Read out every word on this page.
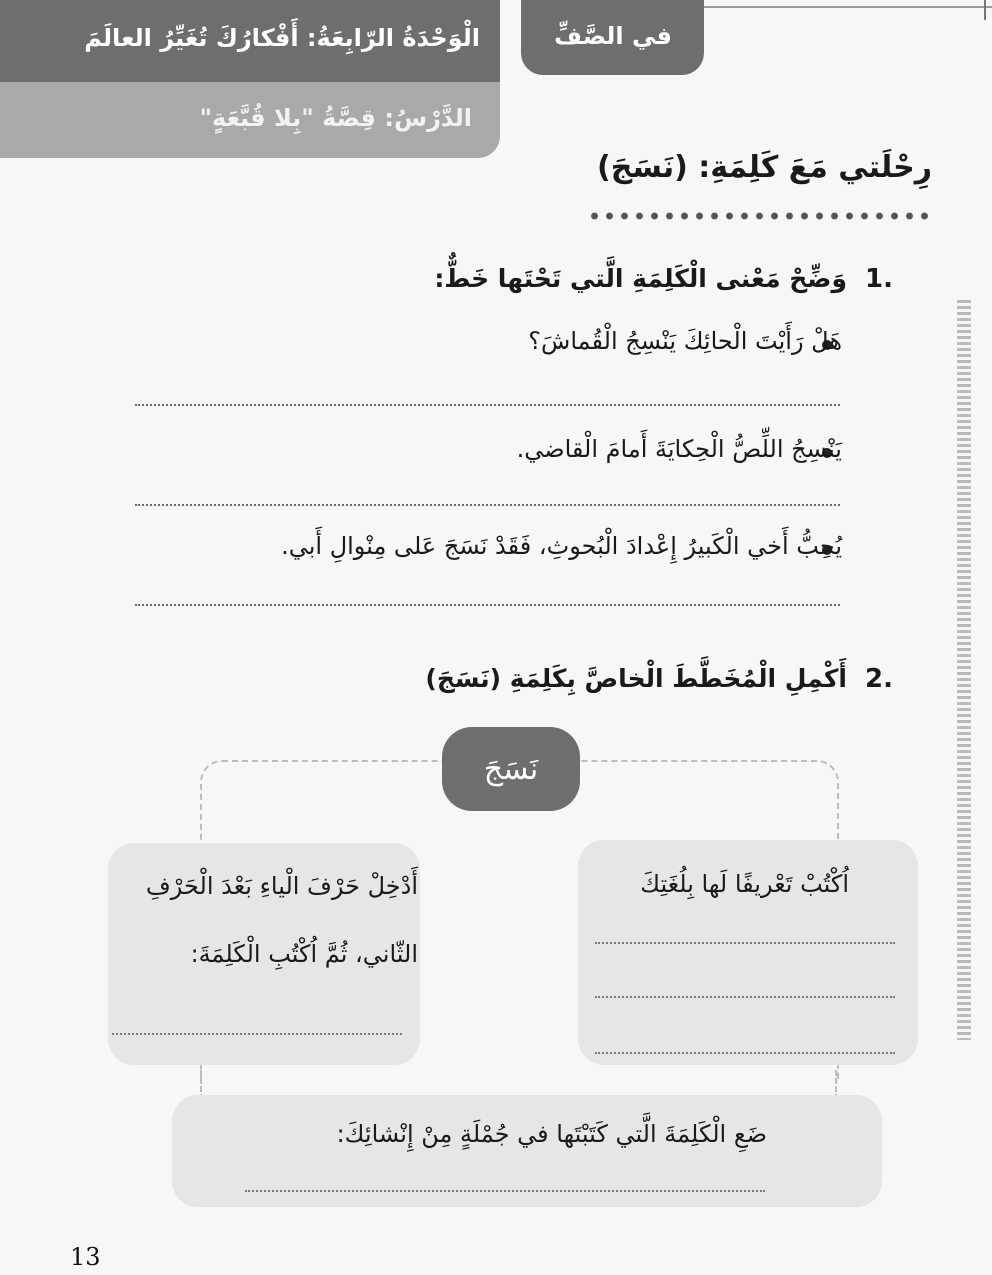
الْوَحْدَةُ الرّابِعَةُ: أَفْكارُكَ تُغَيِّرُ العالَمَ
الدَّرْسُ: قِصَّةُ "بِلا قُبَّعَةٍ"
في الصَّفِّ
رِحْلَتي مَعَ كَلِمَةِ: (نَسَجَ)
1.
وَضِّحْ مَعْنى الْكَلِمَةِ الَّتي تَحْتَها خَطٌّ:
هَلْ رَأَيْتَ الْحائِكَ يَنْسِجُ الْقُماشَ؟
يَنْسِجُ اللِّصُّ الْحِكايَةَ أَمامَ الْقاضي.
يُحِبُّ أَخي الْكَبيرُ إِعْدادَ الْبُحوثِ، فَقَدْ نَسَجَ عَلى مِنْوالِ أَبي.
2.
أَكْمِلِ الْمُخَطَّطَ الْخاصَّ بِكَلِمَةِ (نَسَجَ)
نَسَجَ
اُكْتُبْ تَعْريفًا لَها بِلُغَتِكَ
أَدْخِلْ حَرْفَ الْياءِ بَعْدَ الْحَرْفِ
الثّاني، ثُمَّ اُكْتُبِ الْكَلِمَةَ:
ضَعِ الْكَلِمَةَ الَّتي كَتَبْتَها في جُمْلَةٍ مِنْ إِنْشائِكَ:
13
